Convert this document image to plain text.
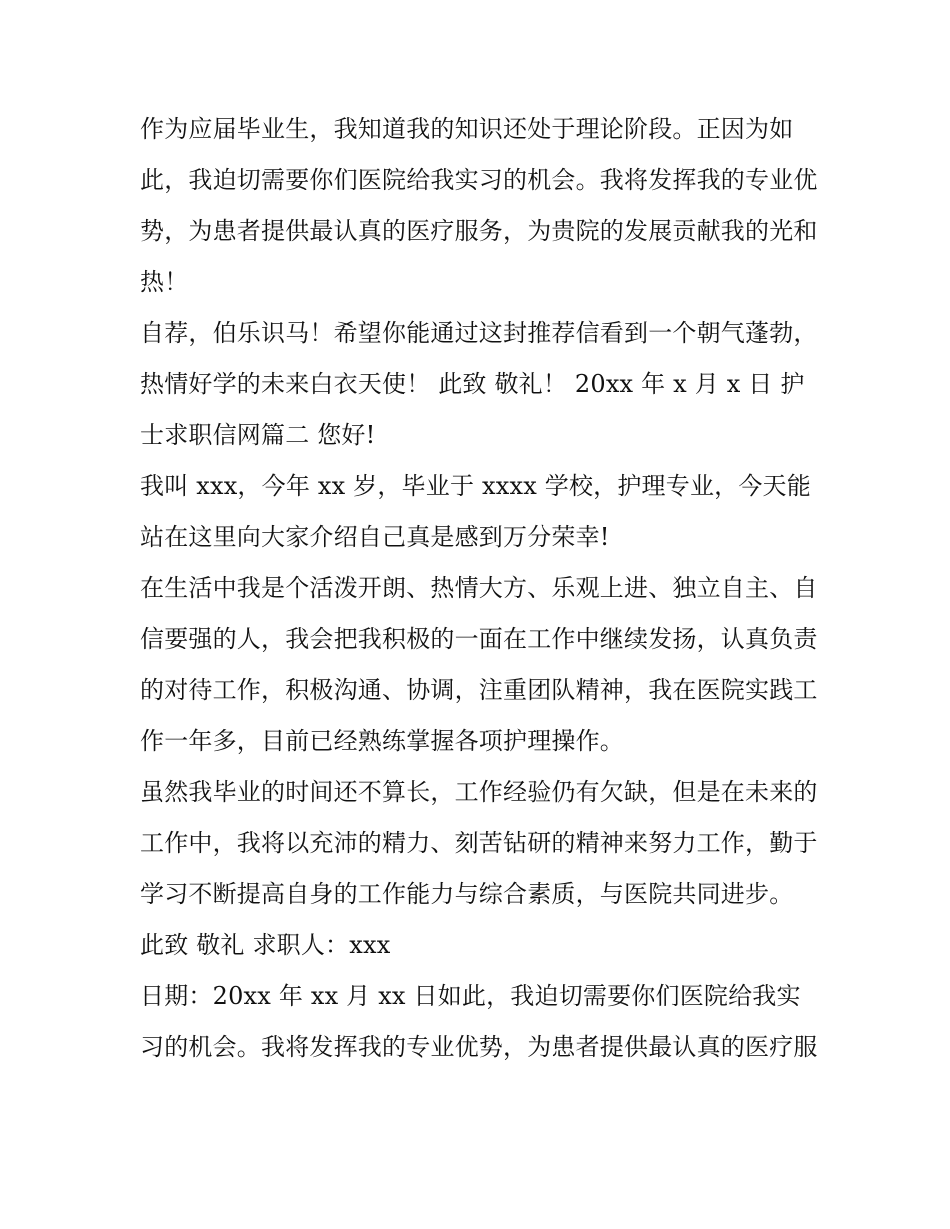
作为应届毕业生，我知道我的知识还处于理论阶段。正因为如此，我迫切需要你们医院给我实习的机会。我将发挥我的专业优势，为患者提供最认真的医疗服务，为贵院的发展贡献我的光和热！

自荐，伯乐识马！希望你能通过这封推荐信看到一个朝气蓬勃，热情好学的未来白衣天使！ 此致 敬礼！ 20xx 年 x 月 x 日 护士求职信网篇二 您好!

我叫 xxx，今年 xx 岁，毕业于 xxxx 学校，护理专业，今天能站在这里向大家介绍自己真是感到万分荣幸!

在生活中我是个活泼开朗、热情大方、乐观上进、独立自主、自信要强的人，我会把我积极的一面在工作中继续发扬，认真负责的对待工作，积极沟通、协调，注重团队精神，我在医院实践工作一年多，目前已经熟练掌握各项护理操作。

虽然我毕业的时间还不算长，工作经验仍有欠缺，但是在未来的工作中，我将以充沛的精力、刻苦钻研的精神来努力工作，勤于学习不断提高自身的工作能力与综合素质，与医院共同进步。

此致 敬礼 求职人：xxx

日期：20xx 年 xx 月 xx 日如此，我迫切需要你们医院给我实习的机会。我将发挥我的专业优势，为患者提供最认真的医疗服
